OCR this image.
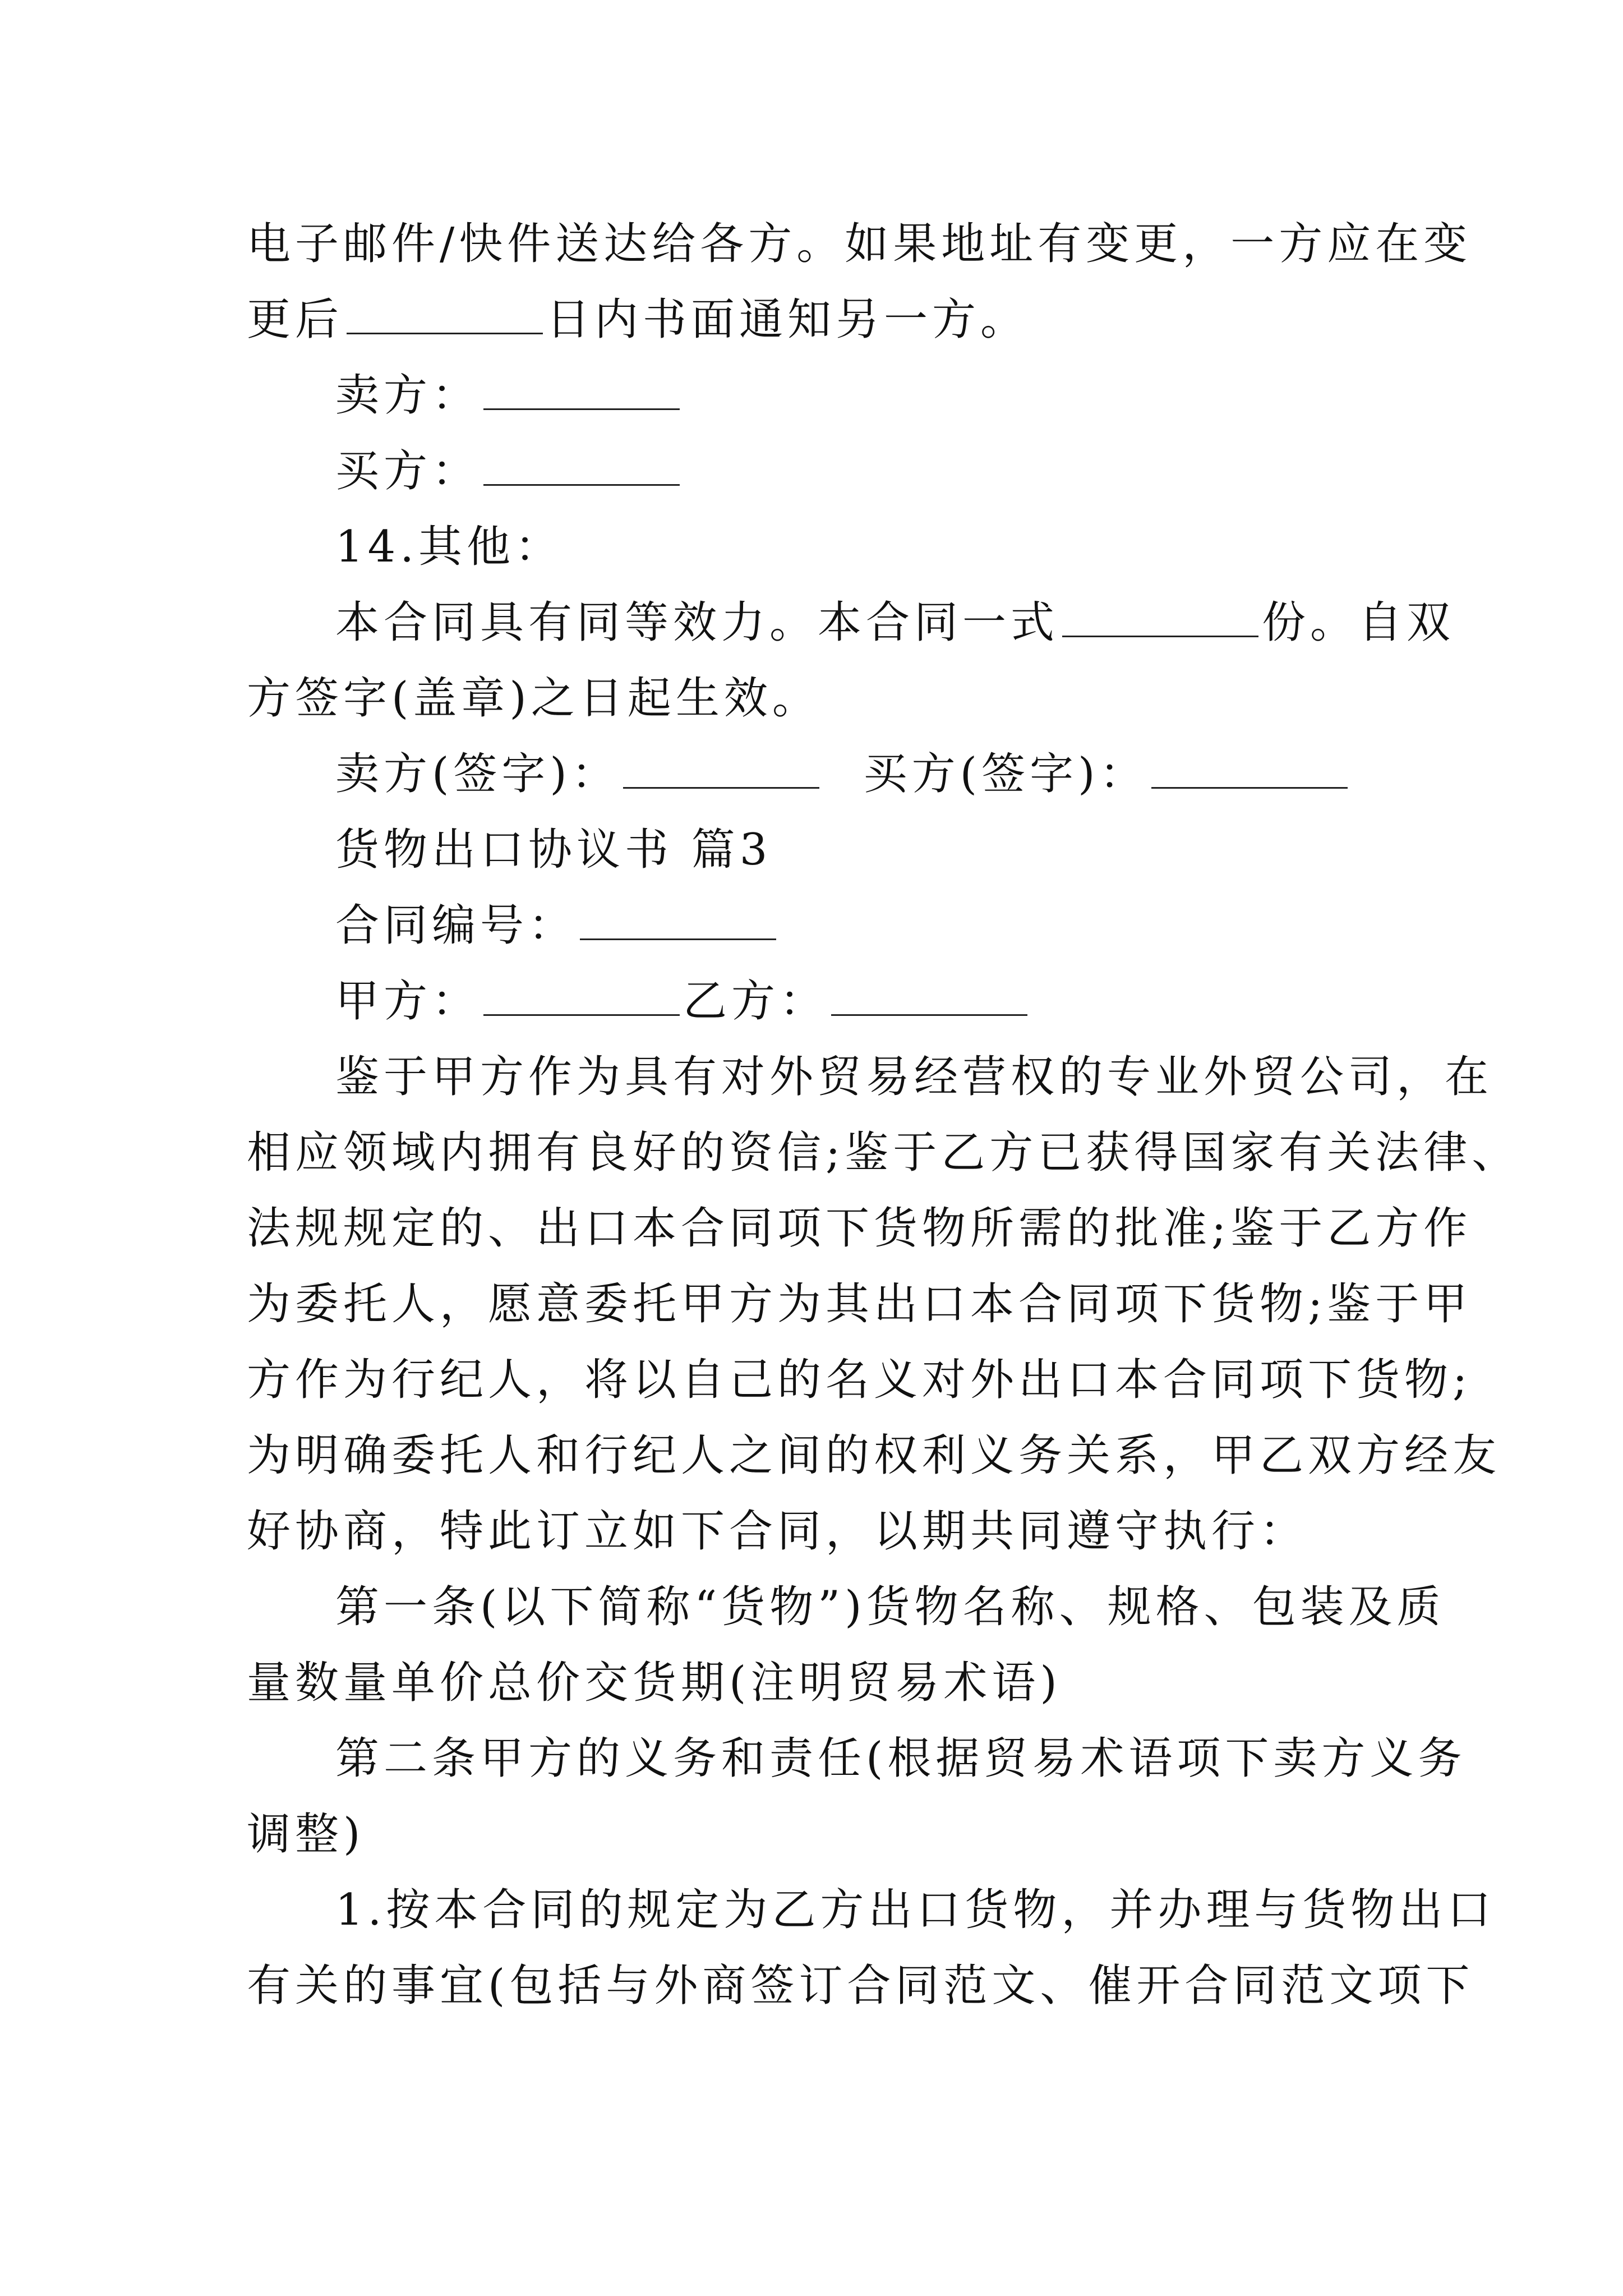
电子邮件/快件送达给各方。如果地址有变更，一方应在变
更后	日内书面通知另一方。
卖方：
买方：
14.其他：
本合同具有同等效力。本合同一式	份。自双
方签字(盖章)之日起生效。
卖方(签字)：	买方(签字)：
货物出口协议书 篇3
合同编号：
甲方：	乙方：
鉴于甲方作为具有对外贸易经营权的专业外贸公司，在
相应领域内拥有良好的资信;鉴于乙方已获得国家有关法律、
法规规定的、出口本合同项下货物所需的批准;鉴于乙方作
为委托人，愿意委托甲方为其出口本合同项下货物;鉴于甲
方作为行纪人，将以自己的名义对外出口本合同项下货物;
为明确委托人和行纪人之间的权利义务关系，甲乙双方经友
好协商，特此订立如下合同，以期共同遵守执行：
第一条(以下简称“货物”)货物名称、规格、包装及质
量数量单价总价交货期(注明贸易术语)
第二条甲方的义务和责任(根据贸易术语项下卖方义务
调整)
1.按本合同的规定为乙方出口货物，并办理与货物出口
有关的事宜(包括与外商签订合同范文、催开合同范文项下
